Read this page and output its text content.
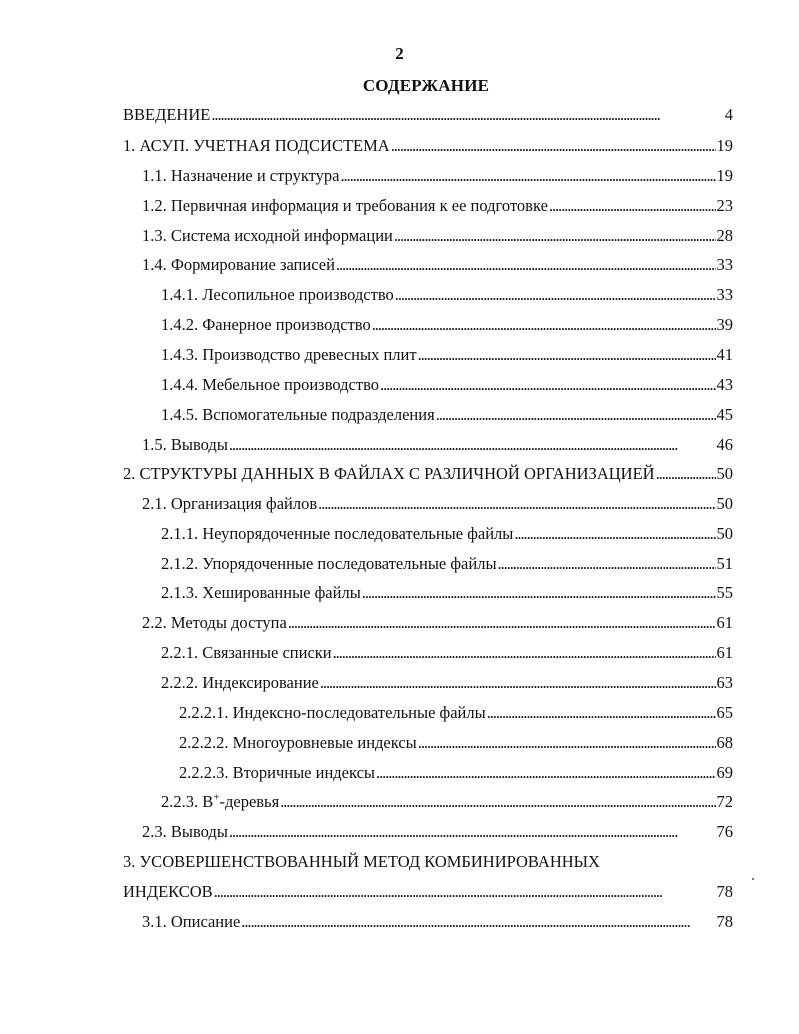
2
СОДЕРЖАНИЕ
ВВЕДЕНИЕ . . .	4
1. АСУП. УЧЕТНАЯ ПОДСИСТЕМА . . .	19
1.1. Назначение и структура . . .	19
1.2. Первичная информация и требования к ее подготовке . . .	23
1.3. Система исходной информации . . .	28
1.4. Формирование записей . . .	33
1.4.1. Лесопильное производство . . .	33
1.4.2. Фанерное производство . . .	39
1.4.3. Производство древесных плит . . .	41
1.4.4. Мебельное производство . . .	43
1.4.5. Вспомогательные подразделения . . .	45
1.5. Выводы . . .	46
2. СТРУКТУРЫ ДАННЫХ В ФАЙЛАХ С РАЗЛИЧНОЙ ОРГАНИЗАЦИЕЙ . . .	50
2.1. Организация файлов . . .	50
2.1.1. Неупорядоченные последовательные файлы . . .	50
2.1.2. Упорядоченные последовательные файлы . . .	51
2.1.3. Хешированные файлы . . .	55
2.2. Методы доступа . . .	61
2.2.1. Связанные списки . . .	61
2.2.2. Индексирование . . .	63
2.2.2.1. Индексно-последовательные файлы . . .	65
2.2.2.2. Многоуровневые индексы . . .	68
2.2.2.3. Вторичные индексы . . .	69
2.2.3. B+-деревья . . .	72
2.3. Выводы . . .	76
3. УСОВЕРШЕНСТВОВАННЫЙ МЕТОД КОМБИНИРОВАННЫХ
ИНДЕКСОВ . . .	78
3.1. Описание . . .	78
